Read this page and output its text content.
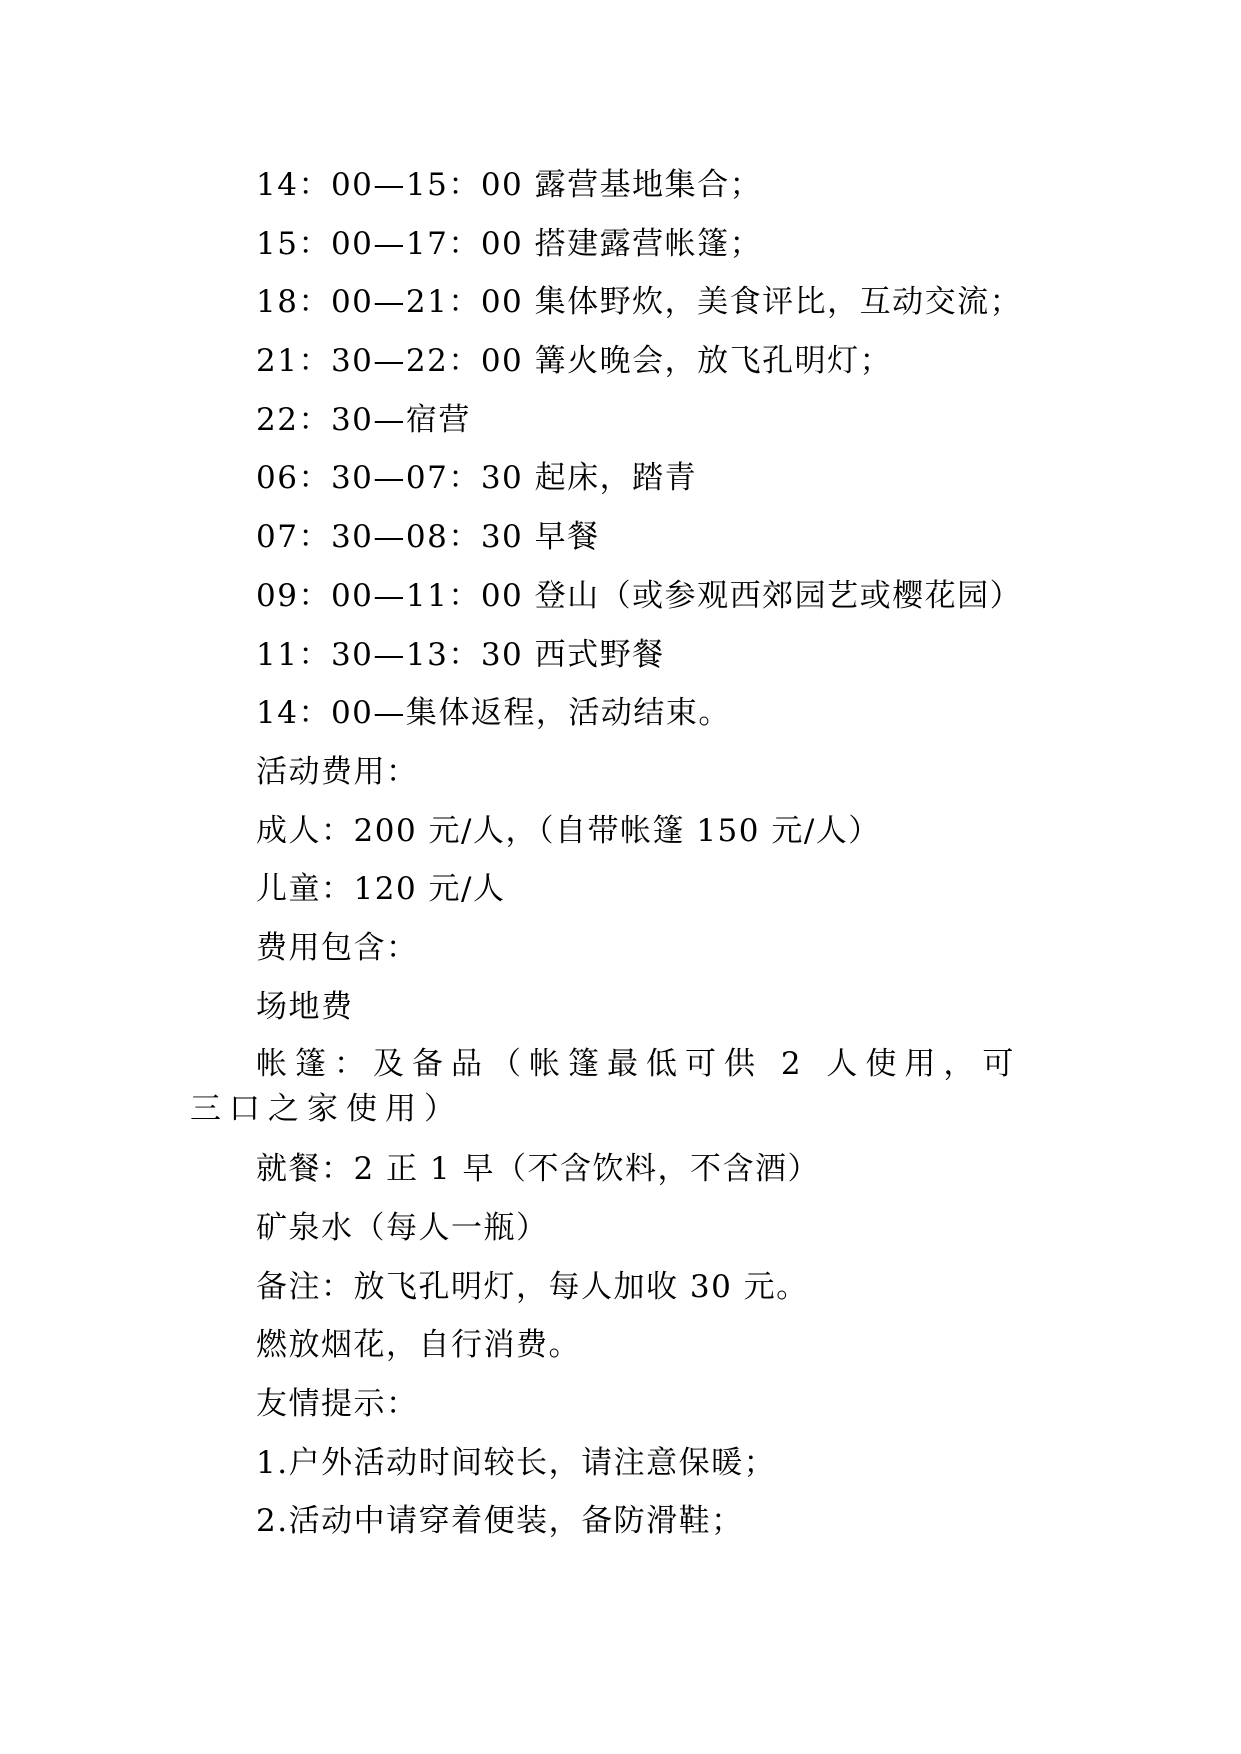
14：00—15：00 露营基地集合；
15：00—17：00 搭建露营帐篷；
18：00—21：00 集体野炊，美食评比，互动交流；
21：30—22：00 篝火晚会，放飞孔明灯；
22：30—宿营
06：30—07：30 起床，踏青
07：30—08：30 早餐
09：00—11：00 登山（或参观西郊园艺或樱花园）
11：30—13：30 西式野餐
14：00—集体返程，活动结束。
活动费用：
成人：200 元/人，（自带帐篷 150 元/人）
儿童：120 元/人
费用包含：
场地费
帐篷：及备品（帐篷最低可供 2 人使用，可三口之家使用）
就餐：2 正 1 早（不含饮料，不含酒）
矿泉水（每人一瓶）
备注：放飞孔明灯，每人加收 30 元。
燃放烟花，自行消费。
友情提示：
1.户外活动时间较长，请注意保暖；
2.活动中请穿着便装，备防滑鞋；
